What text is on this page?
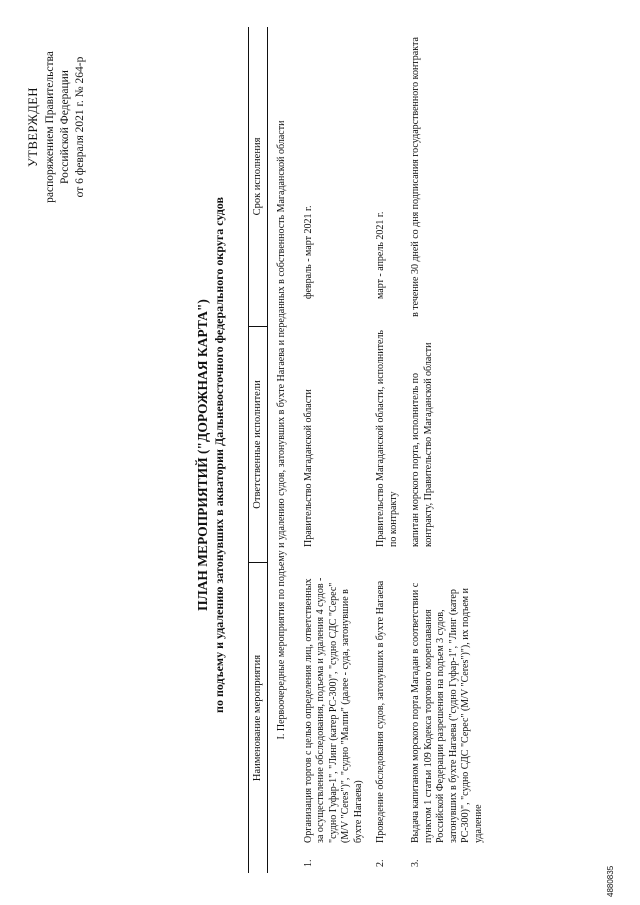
УТВЕРЖДЕН распоряжением Правительства Российской Федерации от 6 февраля 2021 г. № 264-р
ПЛАН МЕРОПРИЯТИЙ ("ДОРОЖНАЯ КАРТА") по подъему и удалению затонувших в акватории Дальневосточного федерального округа судов
Наименование мероприятия
Ответственные исполнители
Срок исполнения	I. Первоочередные мероприятия по подъему и удалению судов, затонувших в бухте Нагаева и переданных в собственность Магаданской области
1.
Организация торгов с целью определения лиц, ответственных за осуществление обследования, подъема и удаления 4 судов - "судно Гуфар-1", "Линг (катер РС-300)", "судно СДС "Серес" (M/V "Ceres")", "судно "Малпи" (далее - суда, затонувшие в бухте Нагаева)
Правительство Магаданской области
февраль - март 2021 г.
2.
Проведение обследования судов, затонувших в бухте Нагаева
Правительство Магаданской области, исполнитель по контракту
март - апрель 2021 г.
3.
Выдача капитаном морского порта Магадан в соответствии с пунктом 1 статьи 109 Кодекса торгового мореплавания Российской Федерации разрешения на подъем 3 судов, затонувших в бухте Нагаева ("судно Гуфар-1", "Линг (катер РС-300)", "судно СДС "Серес" (M/V "Ceres")"), их подъем и удаление
капитан морского порта, исполнитель по контракту, Правительство Магаданской области
в течение 30 дней со дня подписания государственного контракта
4880835
